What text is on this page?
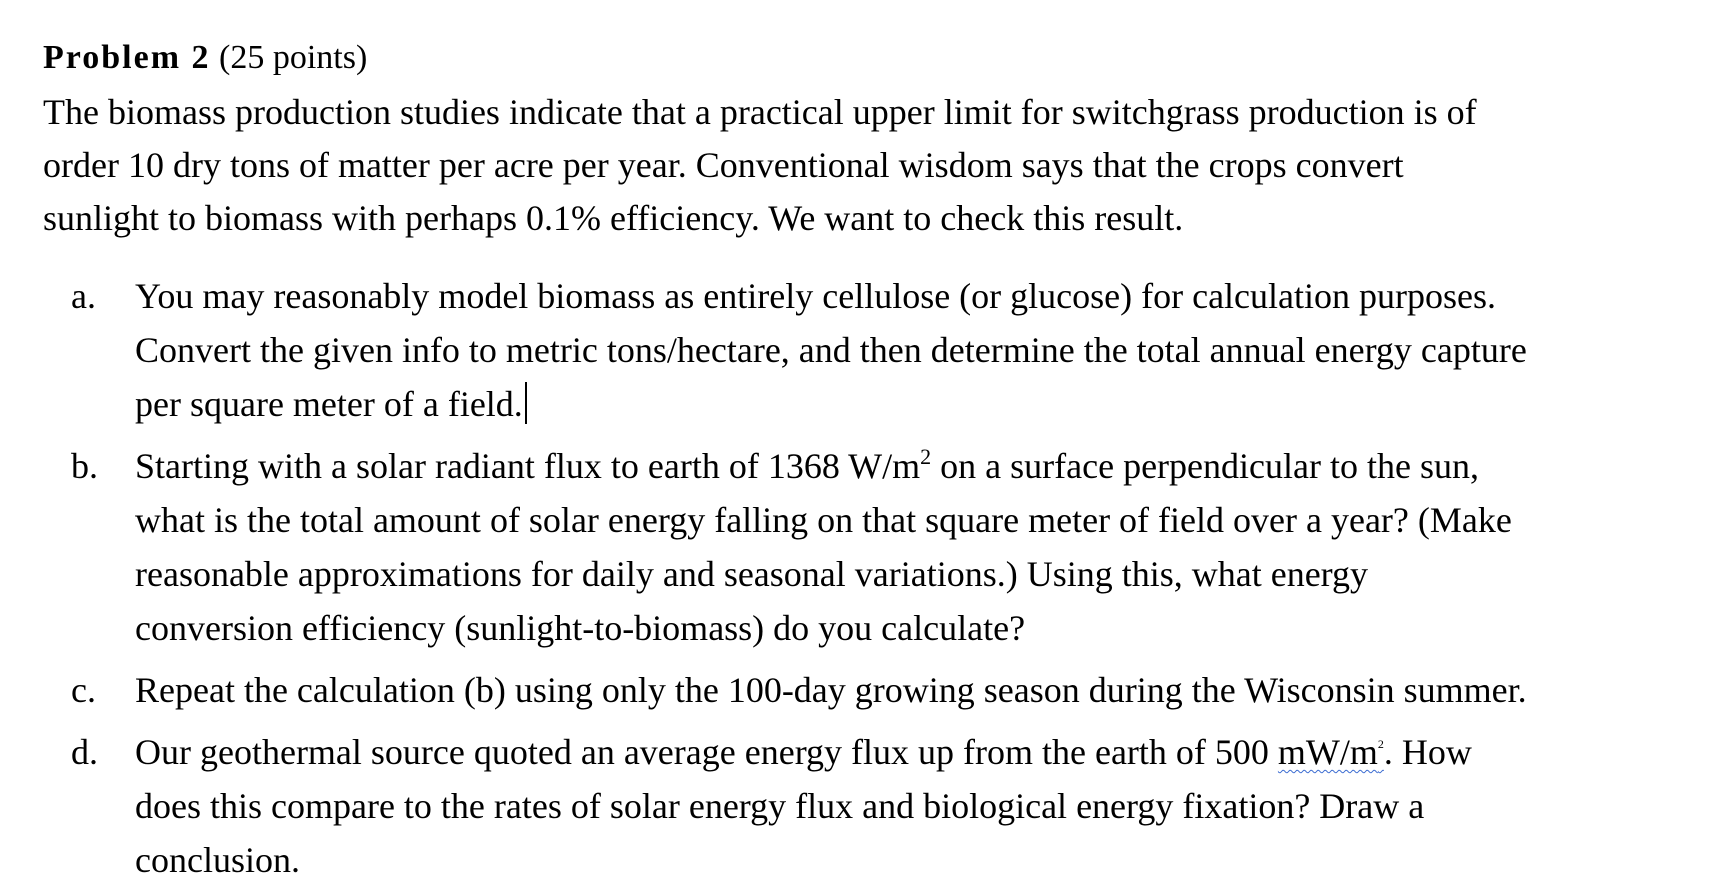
Problem 2 (25 points)

The biomass production studies indicate that a practical upper limit for switchgrass production is of
order 10 dry tons of matter per acre per year. Conventional wisdom says that the crops convert
sunlight to biomass with perhaps 0.1% efficiency. We want to check this result.

a. You may reasonably model biomass as entirely cellulose (or glucose) for calculation purposes.
Convert the given info to metric tons/hectare, and then determine the total annual energy capture
per square meter of a field.
b. Starting with a solar radiant flux to earth of 1368 $W/m^2$ on a surface perpendicular to the sun,
what is the total amount of solar energy falling on that square meter of field over a year? (Make
reasonable approximations for daily and seasonal variations.) Using this, what energy
conversion efficiency (sunlight-to-biomass) do you calculate?
c. Repeat the calculation (b) using only the 100-day growing season during the Wisconsin summer.
d. Our geothermal source quoted an average energy flux up from the earth of 500 $mW/m^2$. How
does this compare to the rates of solar energy flux and biological energy fixation? Draw a
conclusion.
